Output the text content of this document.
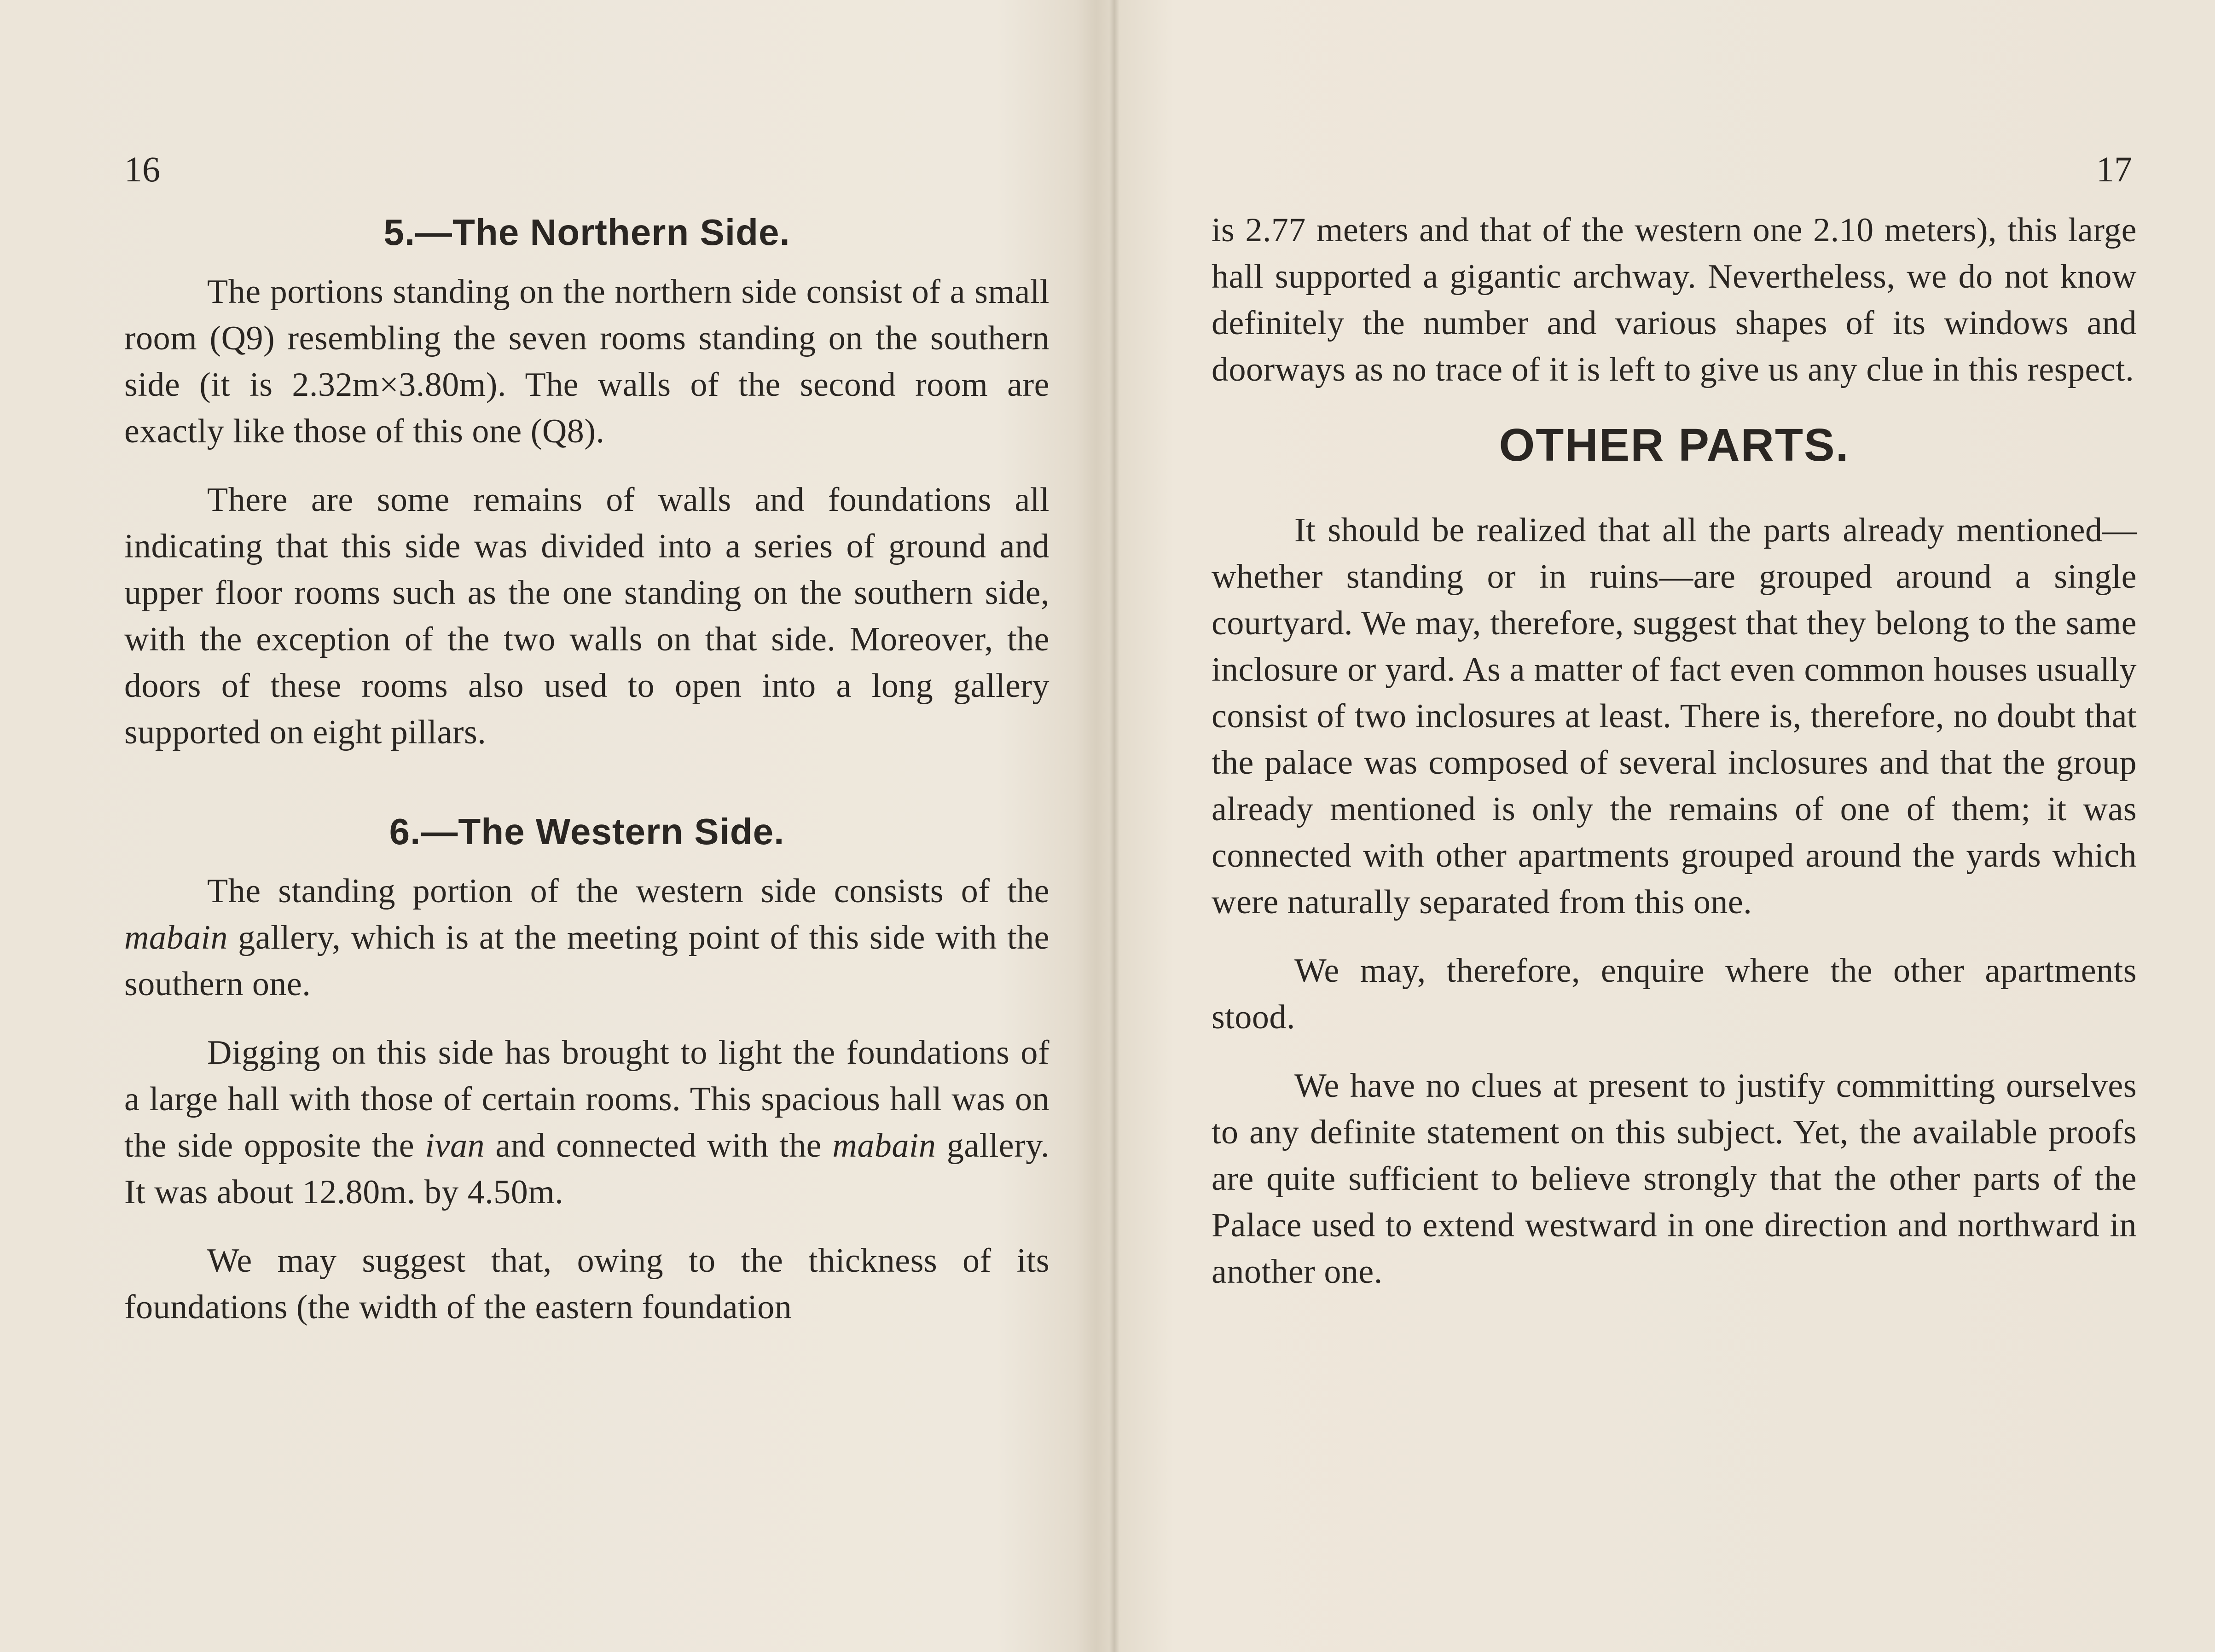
16
5.—The Northern Side.

The portions standing on the northern side consist of a small room (Q9) resembling the seven rooms standing on the southern side (it is 2.32m×3.80m). The walls of the second room are exactly like those of this one (Q8).

There are some remains of walls and foundations all indicating that this side was divided into a series of ground and upper floor rooms such as the one standing on the southern side, with the exception of the two walls on that side. Moreover, the doors of these rooms also used to open into a long gallery supported on eight pillars.

6.—The Western Side.

The standing portion of the western side consists of the mabain gallery, which is at the meeting point of this side with the southern one.

Digging on this side has brought to light the foundations of a large hall with those of certain rooms. This spacious hall was on the side opposite the ivan and connected with the mabain gallery. It was about 12.80m. by 4.50m.

We may suggest that, owing to the thickness of its foundations (the width of the eastern foundation

17

is 2.77 meters and that of the western one 2.10 meters), this large hall supported a gigantic archway. Nevertheless, we do not know definitely the number and various shapes of its windows and doorways as no trace of it is left to give us any clue in this respect.

OTHER PARTS.

It should be realized that all the parts already mentioned—whether standing or in ruins—are grouped around a single courtyard. We may, therefore, suggest that they belong to the same inclosure or yard. As a matter of fact even common houses usually consist of two inclosures at least. There is, therefore, no doubt that the palace was composed of several inclosures and that the group already mentioned is only the remains of one of them; it was connected with other apartments grouped around the yards which were naturally separated from this one.

We may, therefore, enquire where the other apartments stood.

We have no clues at present to justify committing ourselves to any definite statement on this subject. Yet, the available proofs are quite sufficient to believe strongly that the other parts of the Palace used to extend westward in one direction and northward in another one.
